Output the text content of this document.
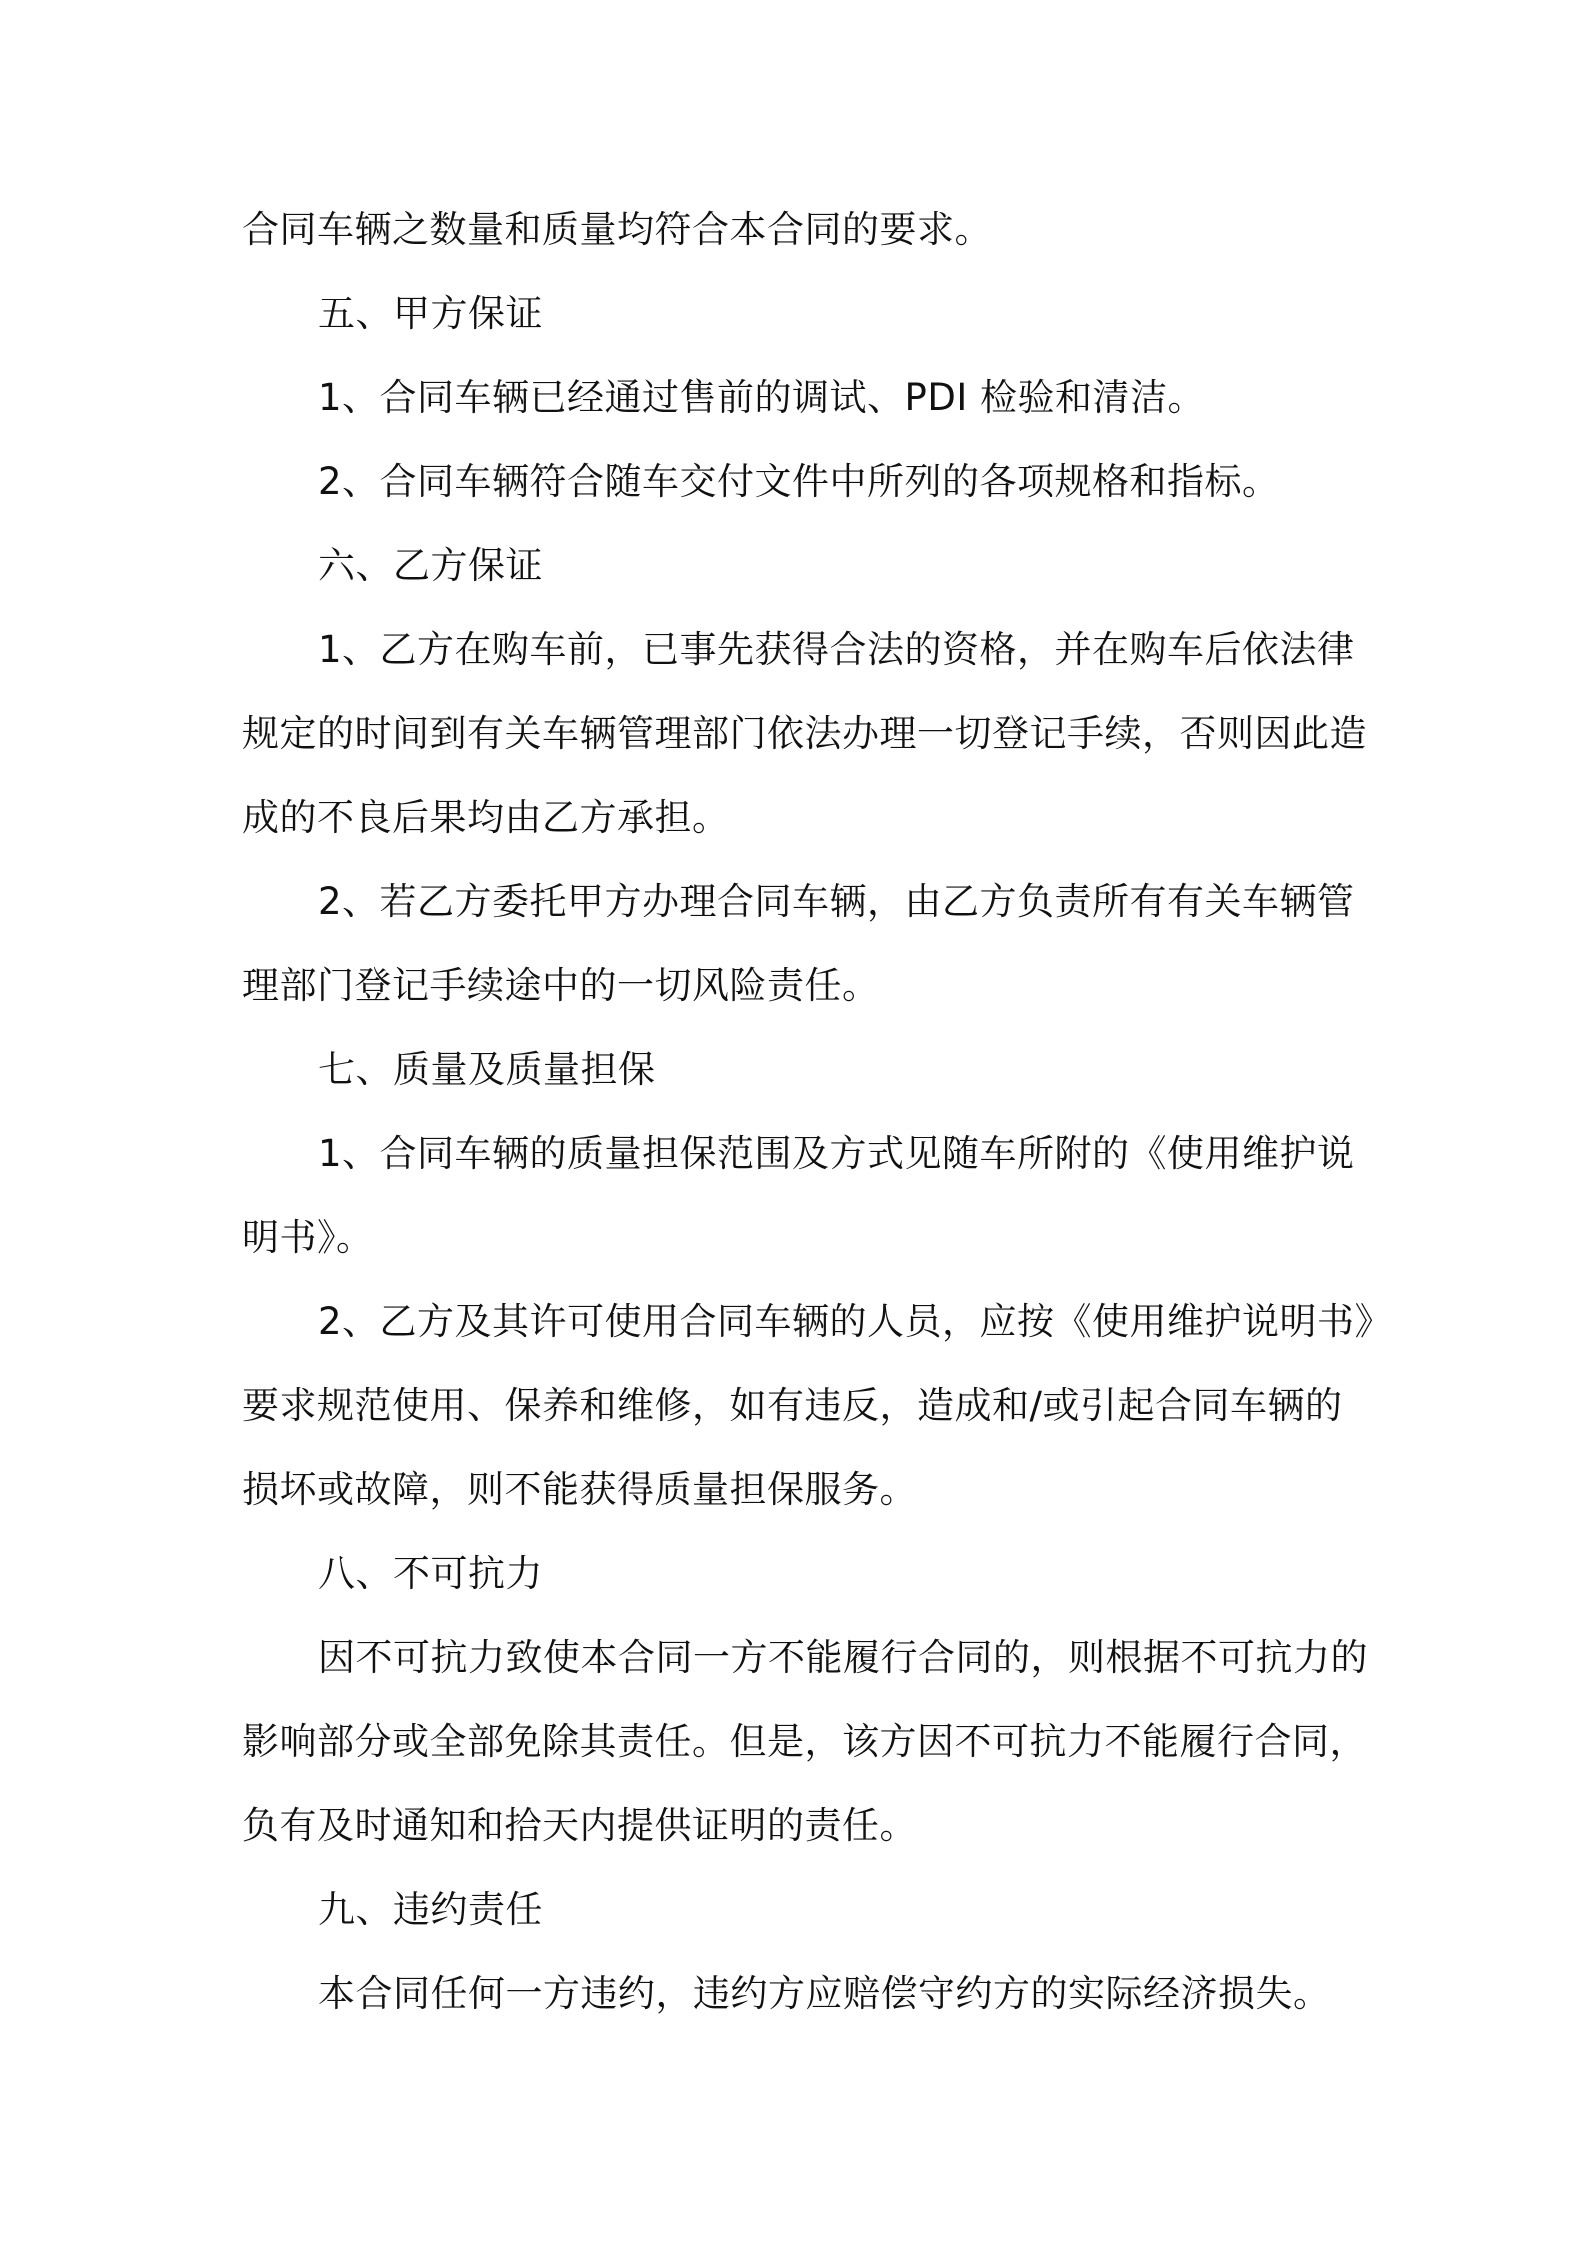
合同车辆之数量和质量均符合本合同的要求。
五、甲方保证
1、合同车辆已经通过售前的调试、PDI 检验和清洁。
2、合同车辆符合随车交付文件中所列的各项规格和指标。
六、乙方保证
1、乙方在购车前，已事先获得合法的资格，并在购车后依法律
规定的时间到有关车辆管理部门依法办理一切登记手续，否则因此造
成的不良后果均由乙方承担。
2、若乙方委托甲方办理合同车辆，由乙方负责所有有关车辆管
理部门登记手续途中的一切风险责任。
七、质量及质量担保
1、合同车辆的质量担保范围及方式见随车所附的《使用维护说
明书》。
2、乙方及其许可使用合同车辆的人员，应按《使用维护说明书》
要求规范使用、保养和维修，如有违反，造成和/或引起合同车辆的
损坏或故障，则不能获得质量担保服务。
八、不可抗力
因不可抗力致使本合同一方不能履行合同的，则根据不可抗力的
影响部分或全部免除其责任。但是，该方因不可抗力不能履行合同，
负有及时通知和拾天内提供证明的责任。
九、违约责任
本合同任何一方违约，违约方应赔偿守约方的实际经济损失。
